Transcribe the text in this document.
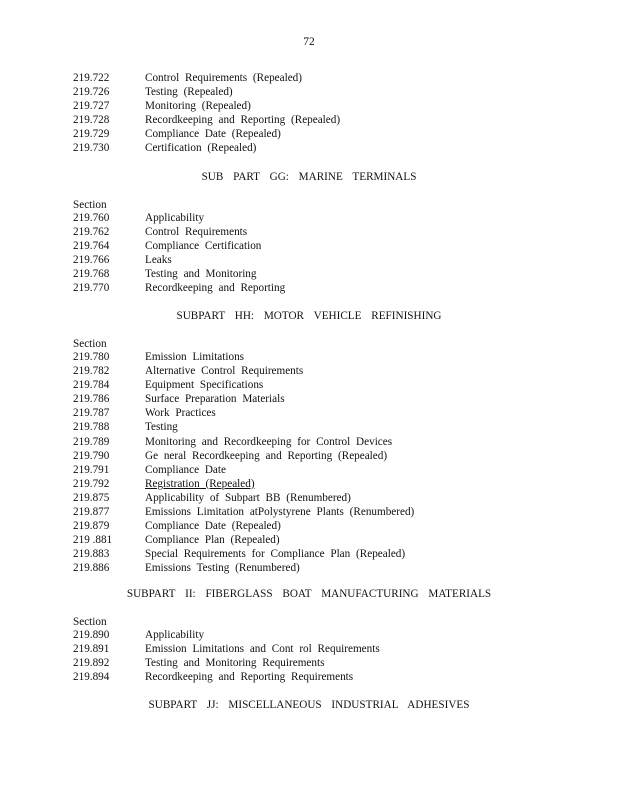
72
219.722	Control Requirements (Repealed)
219.726	Testing (Repealed)
219.727	Monitoring (Repealed)
219.728	Recordkeeping and Reporting (Repealed)
219.729	Compliance Date (Repealed)
219.730	Certification (Repealed)
SUB PART GG: MARINE TERMINALS
Section
219.760	Applicability
219.762	Control Requirements
219.764	Compliance Certification
219.766	Leaks
219.768	Testing and Monitoring
219.770	Recordkeeping and Reporting
SUBPART HH: MOTOR VEHICLE REFINISHING
Section
219.780	Emission Limitations
219.782	Alternative Control Requirements
219.784	Equipment Specifications
219.786	Surface Preparation Materials
219.787	Work Practices
219.788	Testing
219.789	Monitoring and Recordkeeping for Control Devices
219.790	Ge neral Recordkeeping and Reporting (Repealed)
219.791	Compliance Date
219.792	Registration (Repealed)
219.875	Applicability of Subpart BB (Renumbered)
219.877	Emissions Limitation atPolystyrene Plants (Renumbered)
219.879	Compliance Date (Repealed)
219 .881	Compliance Plan (Repealed)
219.883	Special Requirements for Compliance Plan (Repealed)
219.886	Emissions Testing (Renumbered)
SUBPART II: FIBERGLASS BOAT MANUFACTURING MATERIALS
Section
219.890	Applicability
219.891	Emission Limitations and Cont rol Requirements
219.892	Testing and Monitoring Requirements
219.894	Recordkeeping and Reporting Requirements
SUBPART JJ: MISCELLANEOUS INDUSTRIAL ADHESIVES
